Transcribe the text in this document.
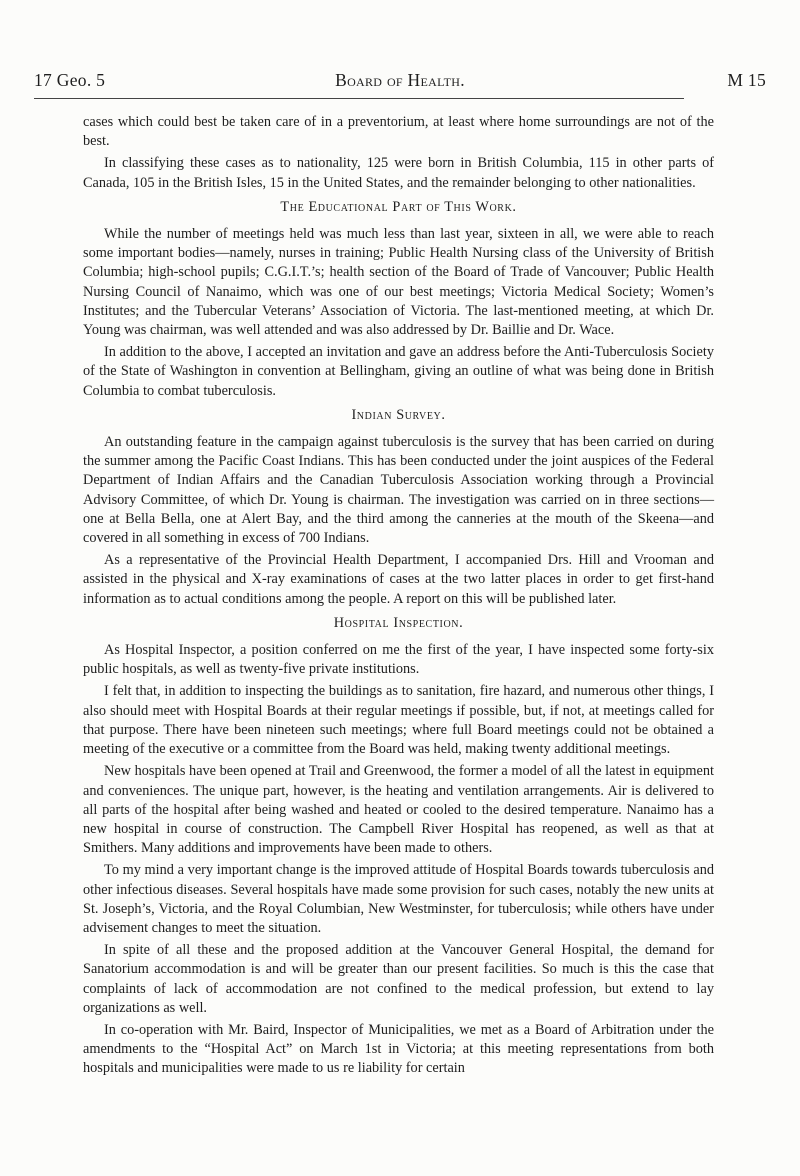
17 Geo. 5	Board of Health.	M 15

cases which could best be taken care of in a preventorium, at least where home surroundings are not of the best.

In classifying these cases as to nationality, 125 were born in British Columbia, 115 in other parts of Canada, 105 in the British Isles, 15 in the United States, and the remainder belonging to other nationalities.

The Educational Part of This Work.

While the number of meetings held was much less than last year, sixteen in all, we were able to reach some important bodies—namely, nurses in training; Public Health Nursing class of the University of British Columbia; high-school pupils; C.G.I.T.’s; health section of the Board of Trade of Vancouver; Public Health Nursing Council of Nanaimo, which was one of our best meetings; Victoria Medical Society; Women’s Institutes; and the Tubercular Veterans’ Association of Victoria. The last-mentioned meeting, at which Dr. Young was chairman, was well attended and was also addressed by Dr. Baillie and Dr. Wace.

In addition to the above, I accepted an invitation and gave an address before the Anti-Tuberculosis Society of the State of Washington in convention at Bellingham, giving an outline of what was being done in British Columbia to combat tuberculosis.

Indian Survey.

An outstanding feature in the campaign against tuberculosis is the survey that has been carried on during the summer among the Pacific Coast Indians. This has been conducted under the joint auspices of the Federal Department of Indian Affairs and the Canadian Tuberculosis Association working through a Provincial Advisory Committee, of which Dr. Young is chairman. The investigation was carried on in three sections—one at Bella Bella, one at Alert Bay, and the third among the canneries at the mouth of the Skeena—and covered in all something in excess of 700 Indians.

As a representative of the Provincial Health Department, I accompanied Drs. Hill and Vrooman and assisted in the physical and X-ray examinations of cases at the two latter places in order to get first-hand information as to actual conditions among the people. A report on this will be published later.

Hospital Inspection.

As Hospital Inspector, a position conferred on me the first of the year, I have inspected some forty-six public hospitals, as well as twenty-five private institutions.

I felt that, in addition to inspecting the buildings as to sanitation, fire hazard, and numerous other things, I also should meet with Hospital Boards at their regular meetings if possible, but, if not, at meetings called for that purpose. There have been nineteen such meetings; where full Board meetings could not be obtained a meeting of the executive or a committee from the Board was held, making twenty additional meetings.

New hospitals have been opened at Trail and Greenwood, the former a model of all the latest in equipment and conveniences. The unique part, however, is the heating and ventilation arrangements. Air is delivered to all parts of the hospital after being washed and heated or cooled to the desired temperature. Nanaimo has a new hospital in course of construction. The Campbell River Hospital has reopened, as well as that at Smithers. Many additions and improvements have been made to others.

To my mind a very important change is the improved attitude of Hospital Boards towards tuberculosis and other infectious diseases. Several hospitals have made some provision for such cases, notably the new units at St. Joseph’s, Victoria, and the Royal Columbian, New Westminster, for tuberculosis; while others have under advisement changes to meet the situation.

In spite of all these and the proposed addition at the Vancouver General Hospital, the demand for Sanatorium accommodation is and will be greater than our present facilities. So much is this the case that complaints of lack of accommodation are not confined to the medical profession, but extend to lay organizations as well.

In co-operation with Mr. Baird, Inspector of Municipalities, we met as a Board of Arbitration under the amendments to the “Hospital Act” on March 1st in Victoria; at this meeting representations from both hospitals and municipalities were made to us re liability for certain
